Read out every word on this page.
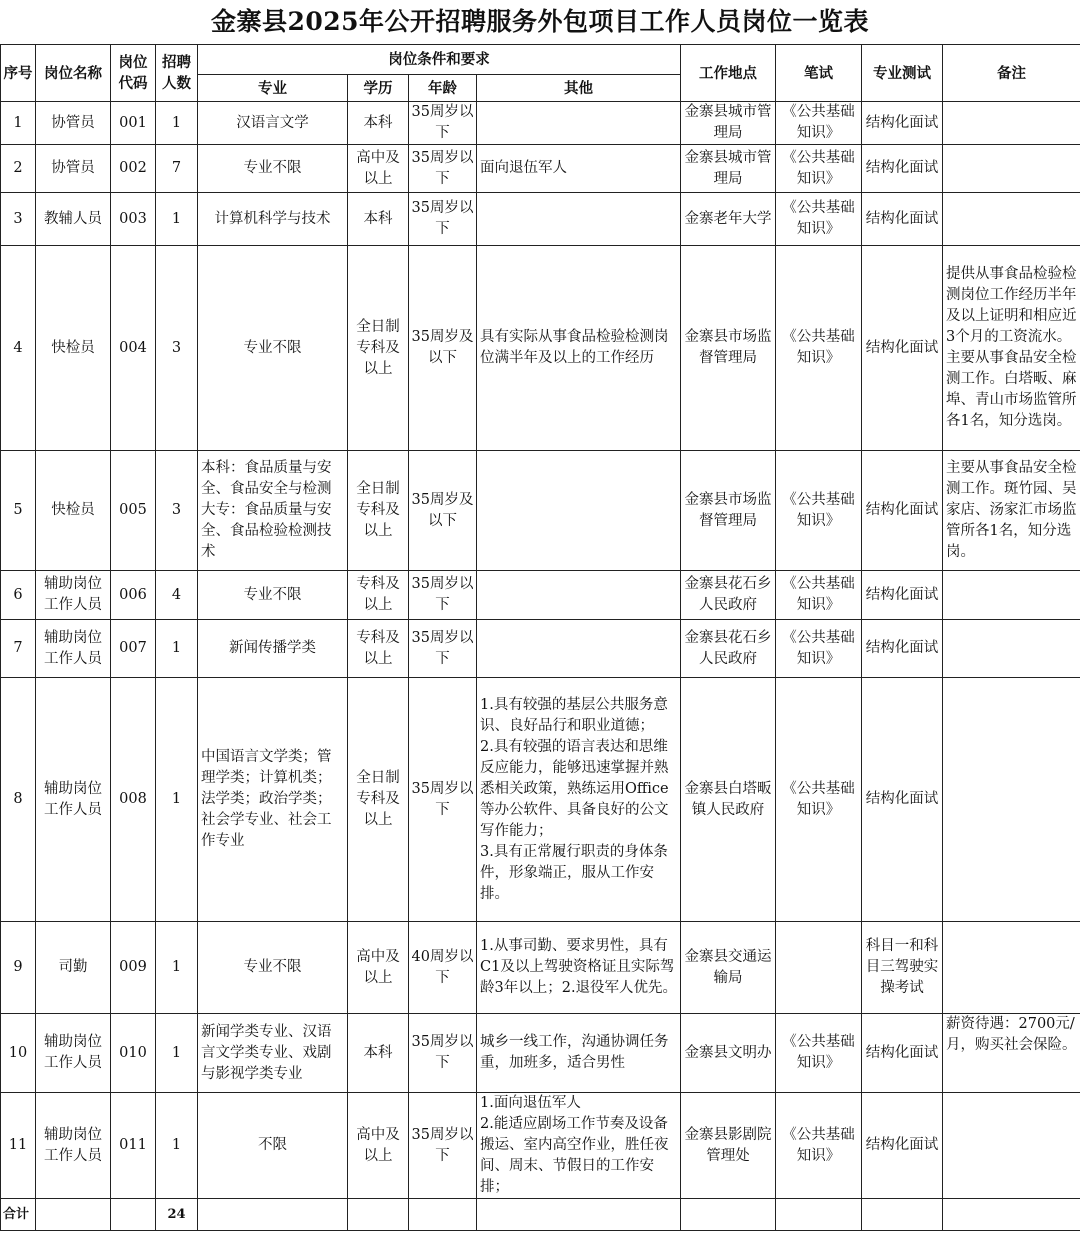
金寨县2025年公开招聘服务外包项目工作人员岗位一览表
序号	岗位名称	岗位代码	招聘人数	岗位条件和要求				工作地点	笔试	专业测试	备注
				专业	学历	年龄	其他				
1	协管员	001	1	汉语言文学	本科	35周岁以下		金寨县城市管理局	《公共基础知识》	结构化面试	
2	协管员	002	7	专业不限	高中及以上	35周岁以下	面向退伍军人	金寨县城市管理局	《公共基础知识》	结构化面试	
3	教辅人员	003	1	计算机科学与技术	本科	35周岁以下		金寨老年大学	《公共基础知识》	结构化面试	
4	快检员	004	3	专业不限	全日制专科及以上	35周岁及以下	具有实际从事食品检验检测岗位满半年及以上的工作经历	金寨县市场监督管理局	《公共基础知识》	结构化面试	提供从事食品检验检测岗位工作经历半年及以上证明和相应近3个月的工资流水。主要从事食品安全检测工作。白塔畈、麻埠、青山市场监管所各1名，知分选岗。
5	快检员	005	3	本科：食品质量与安全、食品安全与检测大专：食品质量与安全、食品检验检测技术	全日制专科及以上	35周岁及以下		金寨县市场监督管理局	《公共基础知识》	结构化面试	主要从事食品安全检测工作。斑竹园、吴家店、汤家汇市场监管所各1名，知分选岗。
6	辅助岗位工作人员	006	4	专业不限	专科及以上	35周岁以下		金寨县花石乡人民政府	《公共基础知识》	结构化面试	
7	辅助岗位工作人员	007	1	新闻传播学类	专科及以上	35周岁以下		金寨县花石乡人民政府	《公共基础知识》	结构化面试	
8	辅助岗位工作人员	008	1	中国语言文学类；管理学类；计算机类；法学类；政治学类；社会学专业、社会工作专业	全日制专科及以上	35周岁以下	1.具有较强的基层公共服务意识、良好品行和职业道德；
2.具有较强的语言表达和思维反应能力，能够迅速掌握并熟悉相关政策，熟练运用Office等办公软件、具备良好的公文写作能力；
3.具有正常履行职责的身体条件，形象端正，服从工作安排。	金寨县白塔畈镇人民政府	《公共基础知识》	结构化面试	
9	司勤	009	1	专业不限	高中及以上	40周岁以下	1.从事司勤、要求男性，具有C1及以上驾驶资格证且实际驾龄3年以上；2.退役军人优先。	金寨县交通运输局		科目一和科目三驾驶实操考试	
10	辅助岗位工作人员	010	1	新闻学类专业、汉语言文学类专业、戏剧与影视学类专业	本科	35周岁以下	城乡一线工作，沟通协调任务重，加班多，适合男性	金寨县文明办	《公共基础知识》	结构化面试	薪资待遇：2700元/月，购买社会保险。
11	辅助岗位工作人员	011	1	不限	高中及以上	35周岁以下	1.面向退伍军人
2.能适应剧场工作节奏及设备搬运、室内高空作业，胜任夜间、周末、节假日的工作安排；	金寨县影剧院管理处	《公共基础知识》	结构化面试	
合计			24								
